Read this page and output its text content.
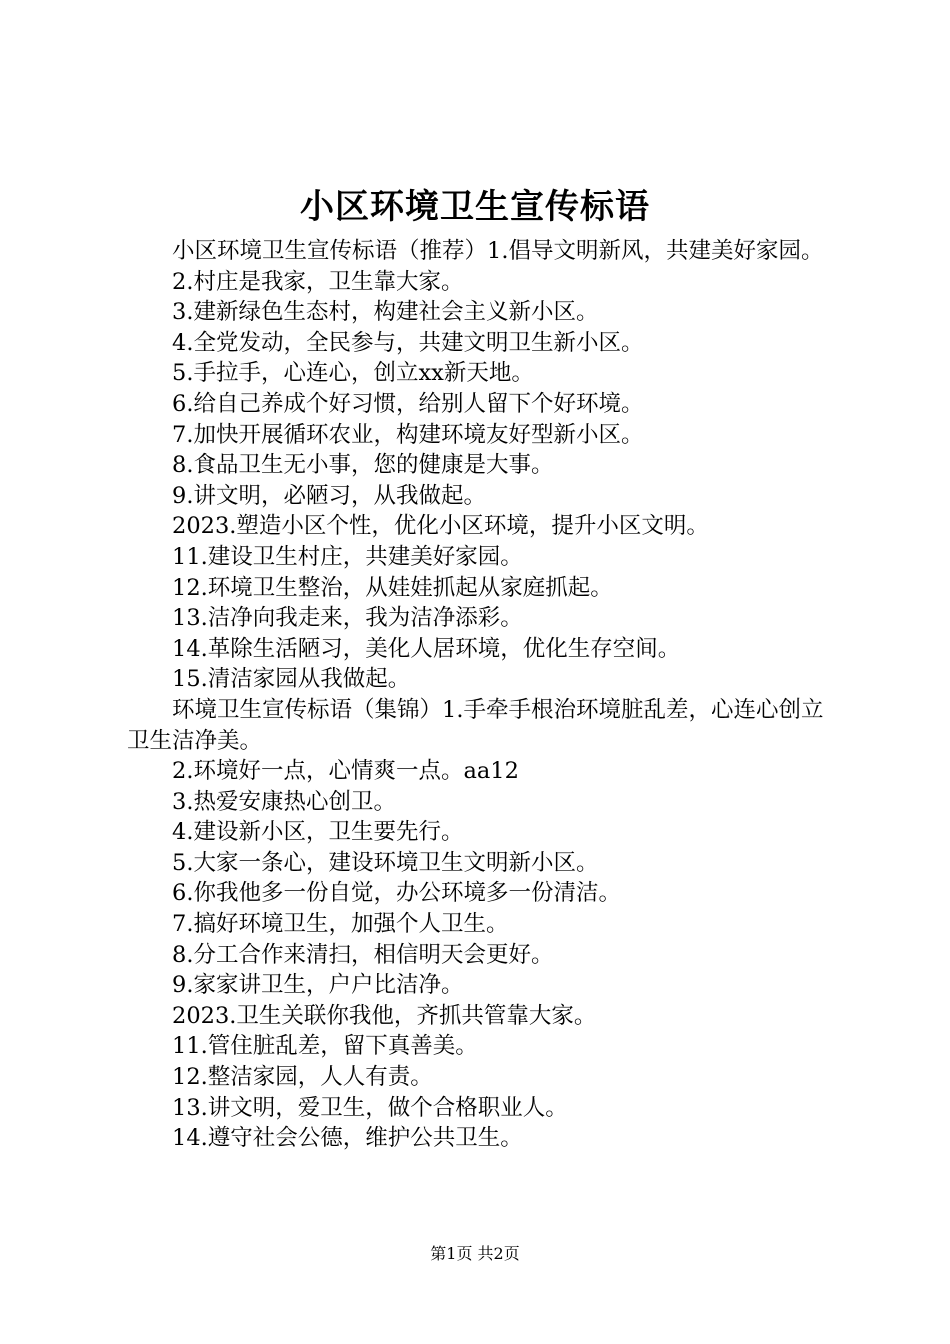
小区环境卫生宣传标语

小区环境卫生宣传标语（推荐）1.倡导文明新风，共建美好家园。

2.村庄是我家，卫生靠大家。

3.建新绿色生态村，构建社会主义新小区。

4.全党发动，全民参与，共建文明卫生新小区。

5.手拉手，心连心，创立xx新天地。

6.给自己养成个好习惯，给别人留下个好环境。

7.加快开展循环农业，构建环境友好型新小区。

8.食品卫生无小事，您的健康是大事。

9.讲文明，必陋习，从我做起。

2023.塑造小区个性，优化小区环境，提升小区文明。

11.建设卫生村庄，共建美好家园。

12.环境卫生整治，从娃娃抓起从家庭抓起。

13.洁净向我走来，我为洁净添彩。

14.革除生活陋习，美化人居环境，优化生存空间。

15.清洁家园从我做起。

环境卫生宣传标语（集锦）1.手牵手根治环境脏乱差，心连心创立卫生洁净美。

2.环境好一点，心情爽一点。aa12

3.热爱安康热心创卫。

4.建设新小区，卫生要先行。

5.大家一条心，建设环境卫生文明新小区。

6.你我他多一份自觉，办公环境多一份清洁。

7.搞好环境卫生，加强个人卫生。

8.分工合作来清扫，相信明天会更好。

9.家家讲卫生，户户比洁净。

2023.卫生关联你我他，齐抓共管靠大家。

11.管住脏乱差，留下真善美。

12.整洁家园，人人有责。

13.讲文明，爱卫生，做个合格职业人。

14.遵守社会公德，维护公共卫生。

第1页 共2页
